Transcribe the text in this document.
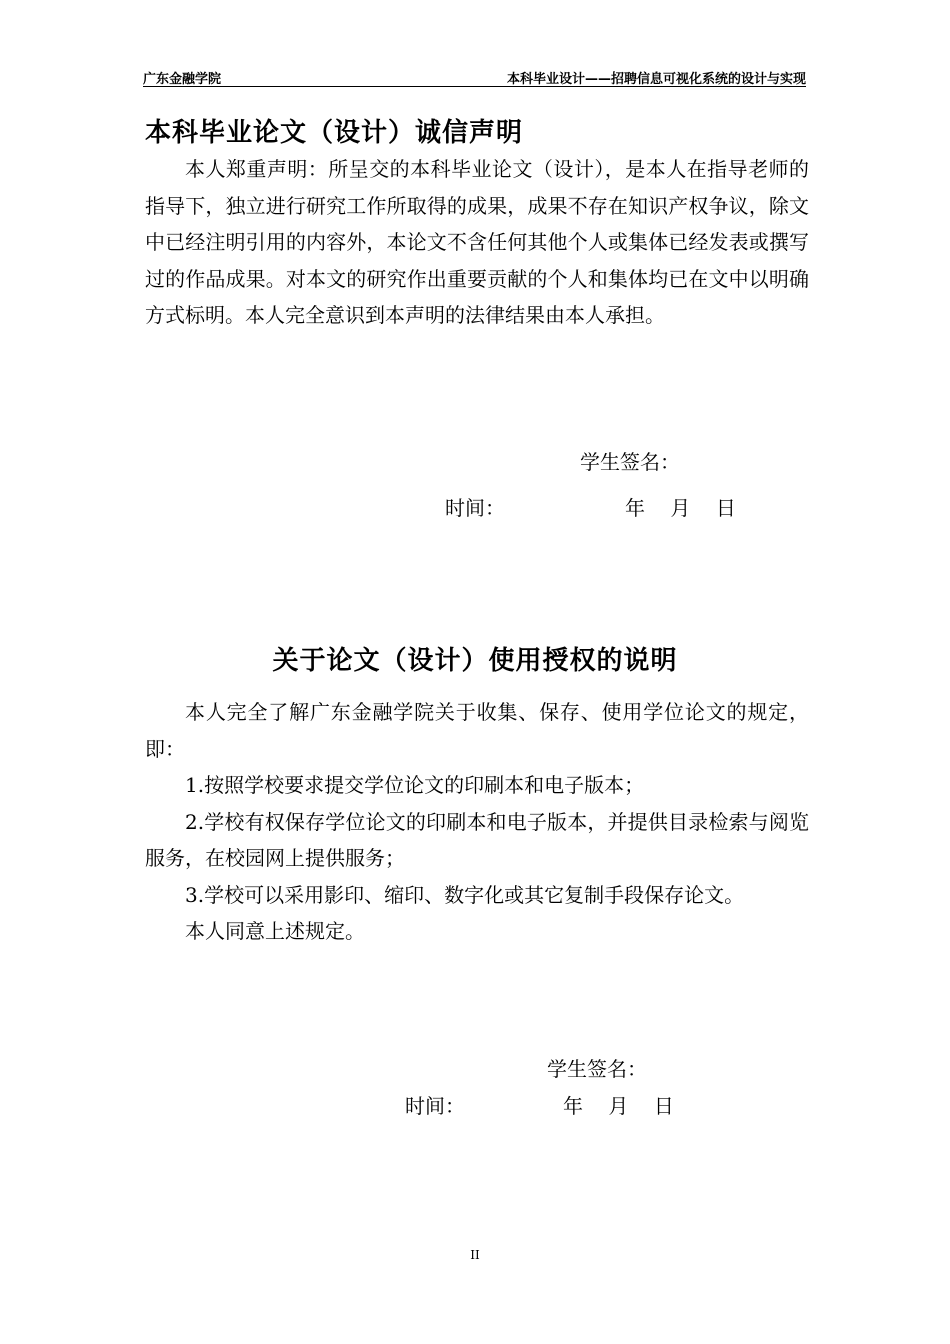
广东金融学院	本科毕业设计——招聘信息可视化系统的设计与实现
本科毕业论文（设计）诚信声明

本人郑重声明：所呈交的本科毕业论文（设计），是本人在指导老师的指导下，独立进行研究工作所取得的成果，成果不存在知识产权争议，除文中已经注明引用的内容外，本论文不含任何其他个人或集体已经发表或撰写过的作品成果。对本文的研究作出重要贡献的个人和集体均已在文中以明确方式标明。本人完全意识到本声明的法律结果由本人承担。

学生签名：
时间：	年    月    日
关于论文（设计）使用授权的说明

本人完全了解广东金融学院关于收集、保存、使用学位论文的规定，即：

1.按照学校要求提交学位论文的印刷本和电子版本；

2.学校有权保存学位论文的印刷本和电子版本，并提供目录检索与阅览服务，在校园网上提供服务；

3.学校可以采用影印、缩印、数字化或其它复制手段保存论文。

本人同意上述规定。

学生签名：
时间：	年    月    日
II
